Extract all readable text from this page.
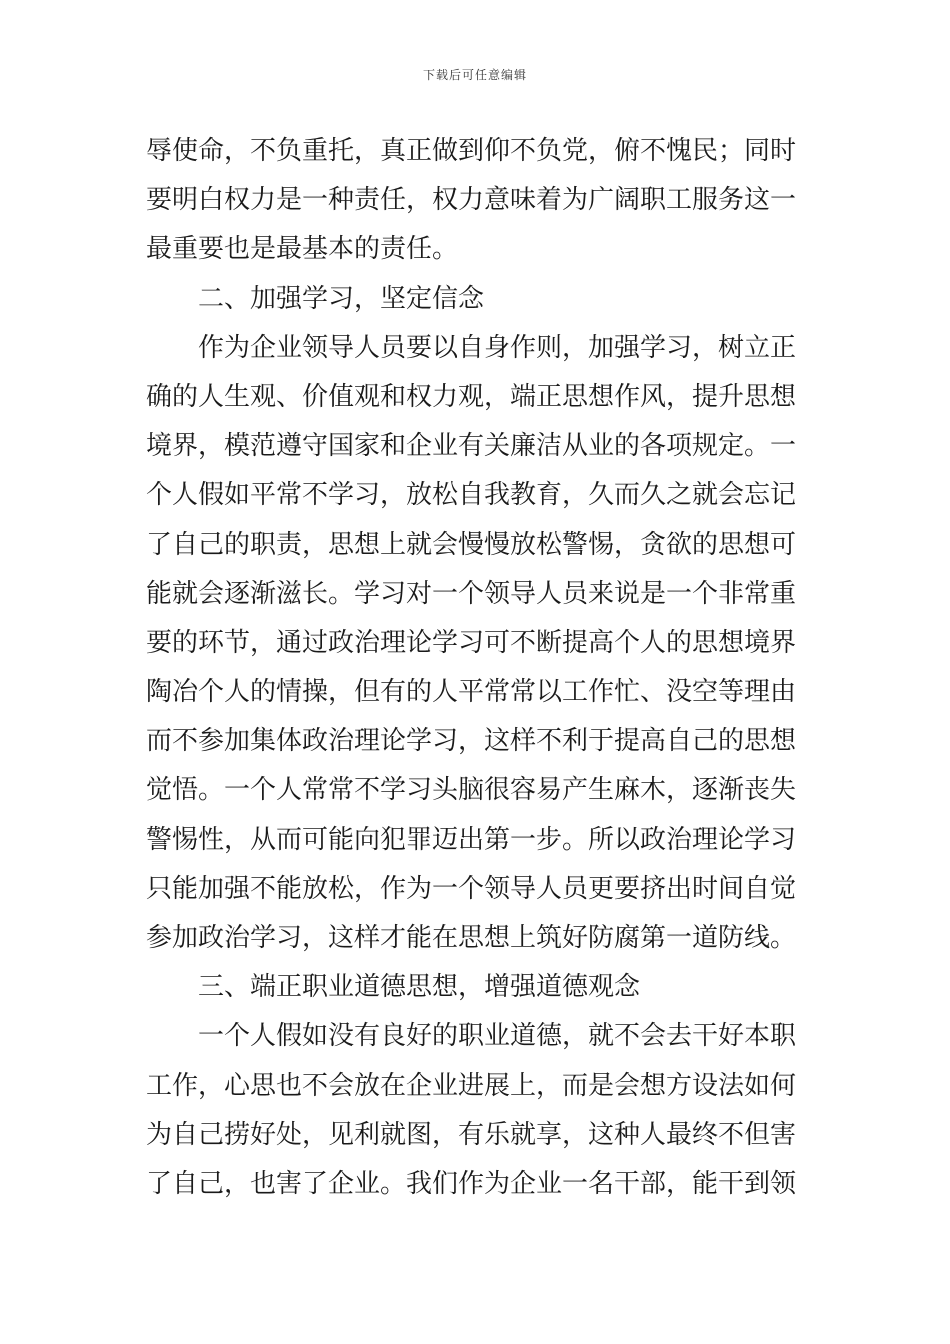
下载后可任意编辑
辱使命，不负重托，真正做到仰不负党，俯不愧民；同时
要明白权力是一种责任，权力意味着为广阔职工服务这一
最重要也是最基本的责任。
二、加强学习，坚定信念
作为企业领导人员要以自身作则，加强学习，树立正
确的人生观、价值观和权力观，端正思想作风，提升思想
境界，模范遵守国家和企业有关廉洁从业的各项规定。一
个人假如平常不学习，放松自我教育，久而久之就会忘记
了自己的职责，思想上就会慢慢放松警惕，贪欲的思想可
能就会逐渐滋长。学习对一个领导人员来说是一个非常重
要的环节，通过政治理论学习可不断提高个人的思想境界
陶冶个人的情操，但有的人平常常以工作忙、没空等理由
而不参加集体政治理论学习，这样不利于提高自己的思想
觉悟。一个人常常不学习头脑很容易产生麻木，逐渐丧失
警惕性，从而可能向犯罪迈出第一步。所以政治理论学习
只能加强不能放松，作为一个领导人员更要挤出时间自觉
参加政治学习，这样才能在思想上筑好防腐第一道防线。
三、端正职业道德思想，增强道德观念
一个人假如没有良好的职业道德，就不会去干好本职
工作，心思也不会放在企业进展上，而是会想方设法如何
为自己捞好处，见利就图，有乐就享，这种人最终不但害
了自己，也害了企业。我们作为企业一名干部，能干到领
